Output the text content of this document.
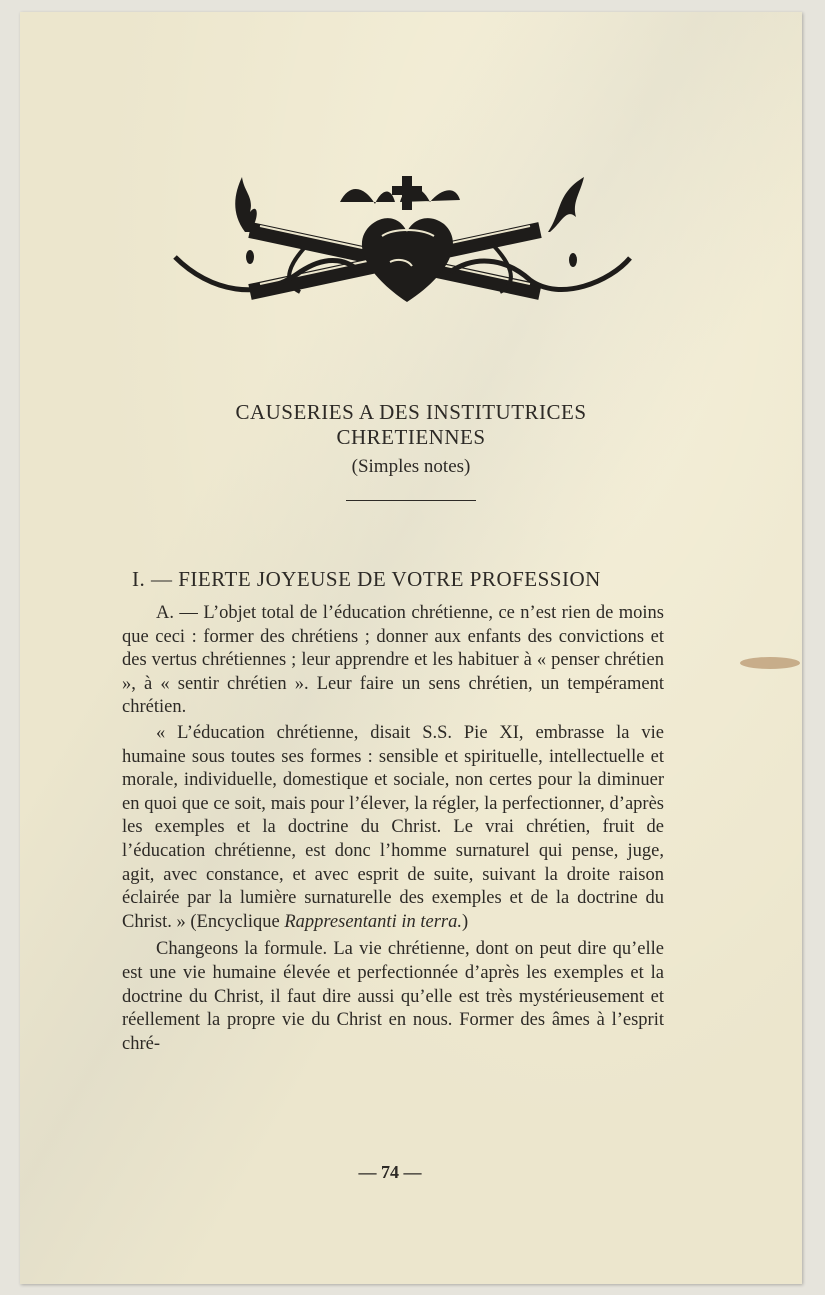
CAUSERIES A DES INSTITUTRICES
CHRETIENNES
(Simples notes)
I. — FIERTE JOYEUSE DE VOTRE PROFESSION

A. — L’objet total de l’éducation chrétienne, ce n’est rien de moins que ceci : former des chrétiens ; donner aux enfants des convictions et des vertus chrétiennes ; leur apprendre et les habituer à « penser chrétien », à « sentir chrétien ». Leur faire un sens chrétien, un tempérament chrétien.

« L’éducation chrétienne, disait S.S. Pie XI, embrasse la vie humaine sous toutes ses formes : sensible et spirituelle, intellectuelle et morale, individuelle, domestique et sociale, non certes pour la diminuer en quoi que ce soit, mais pour l’élever, la régler, la perfectionner, d’après les exemples et la doctrine du Christ. Le vrai chrétien, fruit de l’éducation chrétienne, est donc l’homme surnaturel qui pense, juge, agit, avec constance, et avec esprit de suite, suivant la droite raison éclairée par la lumière surnaturelle des exemples et de la doctrine du Christ. » (Encyclique Rappresentanti in terra.)

Changeons la formule. La vie chrétienne, dont on peut dire qu’elle est une vie humaine élevée et perfectionnée d’après les exemples et la doctrine du Christ, il faut dire aussi qu’elle est très mystérieusement et réellement la propre vie du Christ en nous. Former des âmes à l’esprit chré-

— 74 —
